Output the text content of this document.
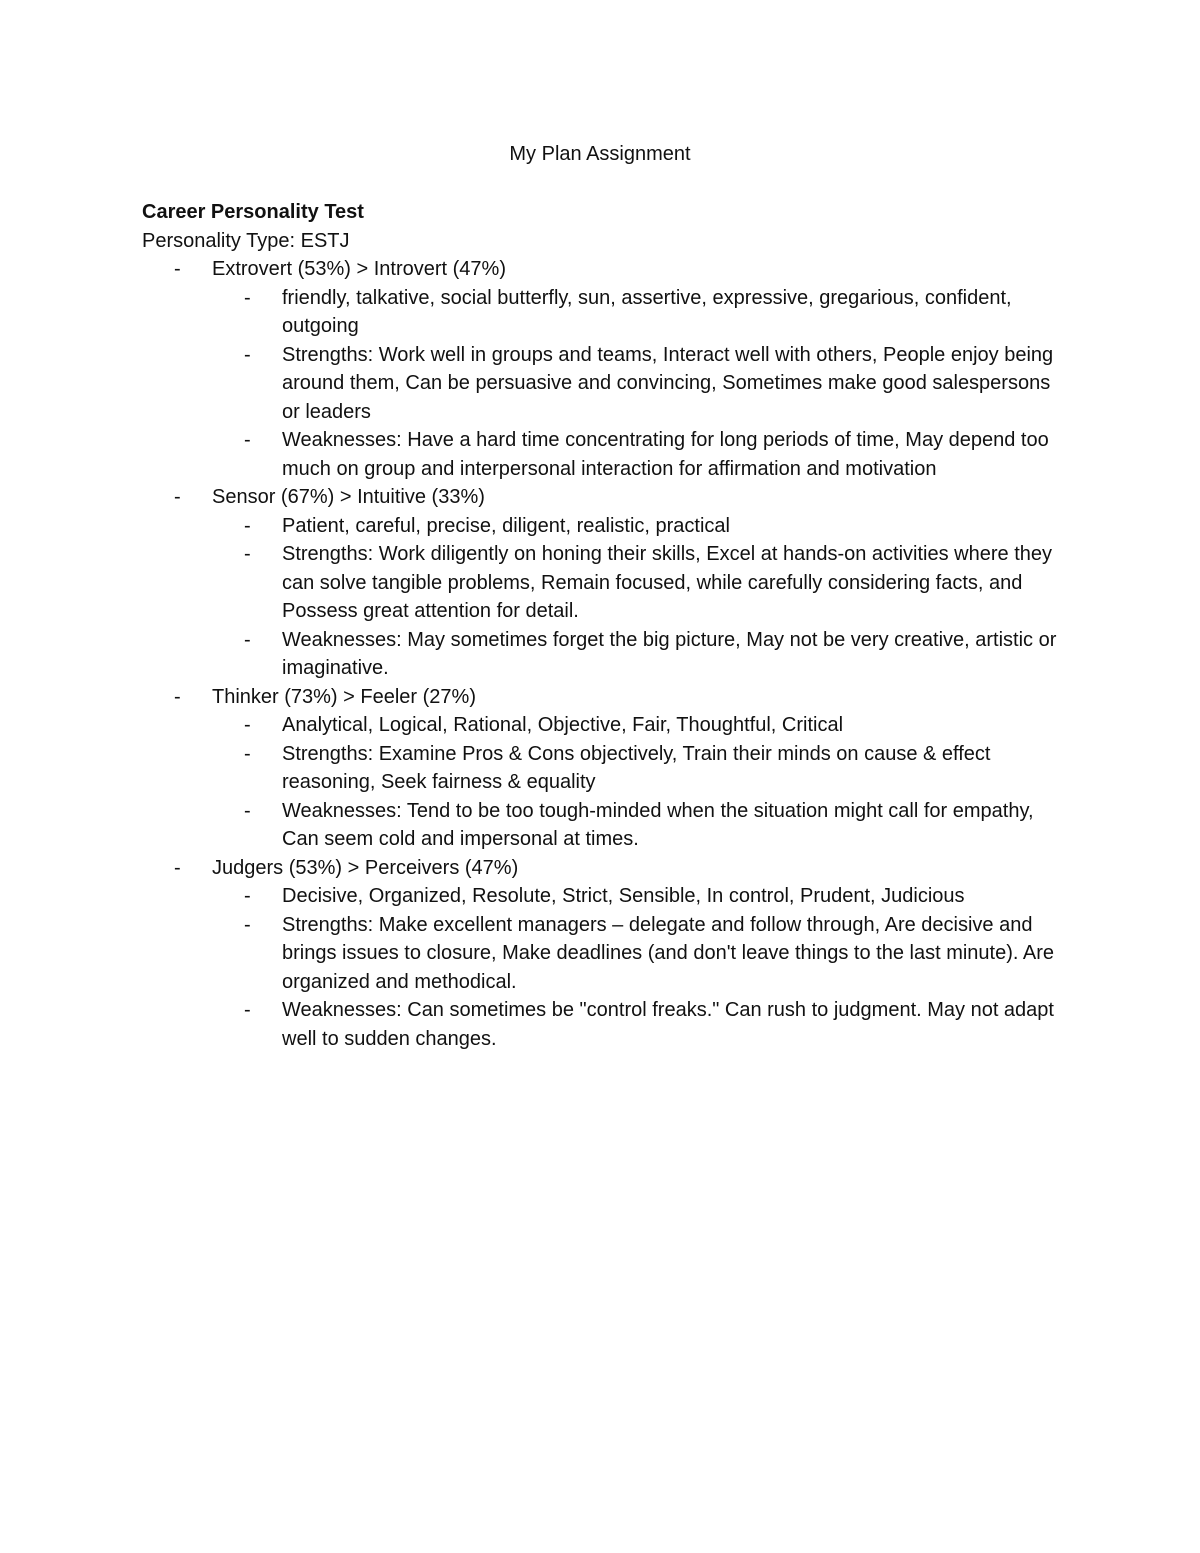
My Plan Assignment

Career Personality Test

Personality Type: ESTJ

-	Extrovert (53%) > Introvert (47%)
-	friendly, talkative, social butterfly, sun, assertive, expressive, gregarious, confident, outgoing
-	Strengths: Work well in groups and teams, Interact well with others, People enjoy being around them, Can be persuasive and convincing, Sometimes make good salespersons or leaders
-	Weaknesses: Have a hard time concentrating for long periods of time, May depend too much on group and interpersonal interaction for affirmation and motivation
-	Sensor (67%) > Intuitive (33%)
-	Patient, careful, precise, diligent, realistic, practical
-	Strengths: Work diligently on honing their skills, Excel at hands-on activities where they can solve tangible problems, Remain focused, while carefully considering facts, and Possess great attention for detail.
-	Weaknesses: May sometimes forget the big picture, May not be very creative, artistic or imaginative.
-	Thinker (73%) > Feeler (27%)
-	Analytical, Logical, Rational, Objective, Fair, Thoughtful, Critical
-	Strengths: Examine Pros & Cons objectively, Train their minds on cause & effect reasoning, Seek fairness & equality
-	Weaknesses: Tend to be too tough-minded when the situation might call for empathy, Can seem cold and impersonal at times.
-	Judgers (53%) > Perceivers (47%)
-	Decisive, Organized, Resolute, Strict, Sensible, In control, Prudent, Judicious
-	Strengths: Make excellent managers – delegate and follow through, Are decisive and brings issues to closure, Make deadlines (and don't leave things to the last minute). Are organized and methodical.
-	Weaknesses: Can sometimes be "control freaks." Can rush to judgment. May not adapt well to sudden changes.
